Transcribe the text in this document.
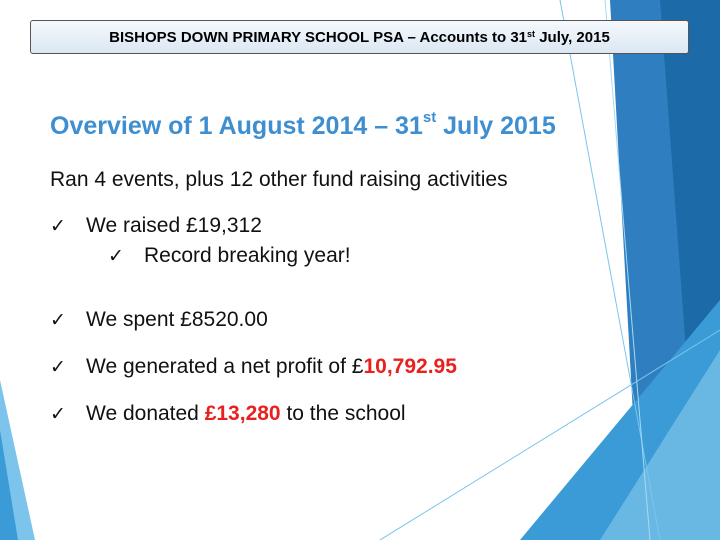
BISHOPS DOWN PRIMARY SCHOOL PSA – Accounts to 31st July, 2015
Overview of 1 August 2014 – 31st July 2015
Ran 4 events, plus 12 other fund raising activities
✓ We raised £19,312
✓ Record breaking year!
✓ We spent £8520.00
✓ We generated a net profit of £10,792.95
✓ We donated £13,280 to the school
